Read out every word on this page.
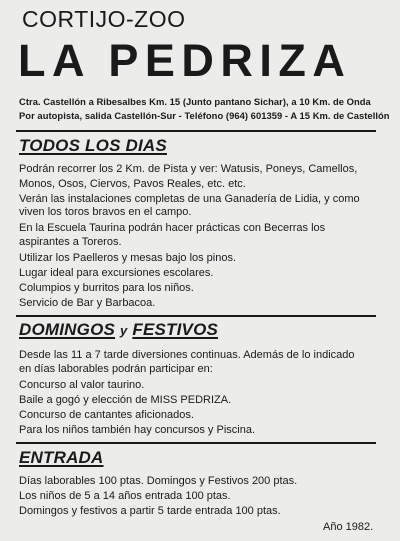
CORTIJO-ZOO
LA PEDRIZA
Ctra. Castellón a Ribesalbes Km. 15 (Junto pantano Sichar), a 10 Km. de Onda
Por autopista, salida Castellón-Sur - Teléfono (964) 601359 - A 15 Km. de Castellón
TODOS LOS DIAS
Podrán recorrer los 2 Km. de Pista y ver: Watusis, Poneys, Camellos,
Monos, Osos, Ciervos, Pavos Reales, etc. etc.
Verán las instalaciones completas de una Ganadería de Lidia, y como
viven los toros bravos en el campo.
En la Escuela Taurina podrán hacer prácticas con Becerras los
aspirantes a Toreros.
Utilizar los Paelleros y mesas bajo los pinos.
Lugar ideal para excursiones escolares.
Columpios y burritos para los niños.
Servicio de Bar y Barbacoa.
DOMINGOS y FESTIVOS
Desde las 11 a 7 tarde diversiones continuas. Además de lo indicado
en días laborables podrán participar en:
Concurso al valor taurino.
Baile a gogó y elección de MISS PEDRIZA.
Concurso de cantantes aficionados.
Para los niños también hay concursos y Piscina.
ENTRADA
Días laborables 100 ptas. Domingos y Festivos 200 ptas.
Los niños de 5 a 14 años entrada 100 ptas.
Domingos y festivos a partir 5 tarde entrada 100 ptas.
Año 1982.
